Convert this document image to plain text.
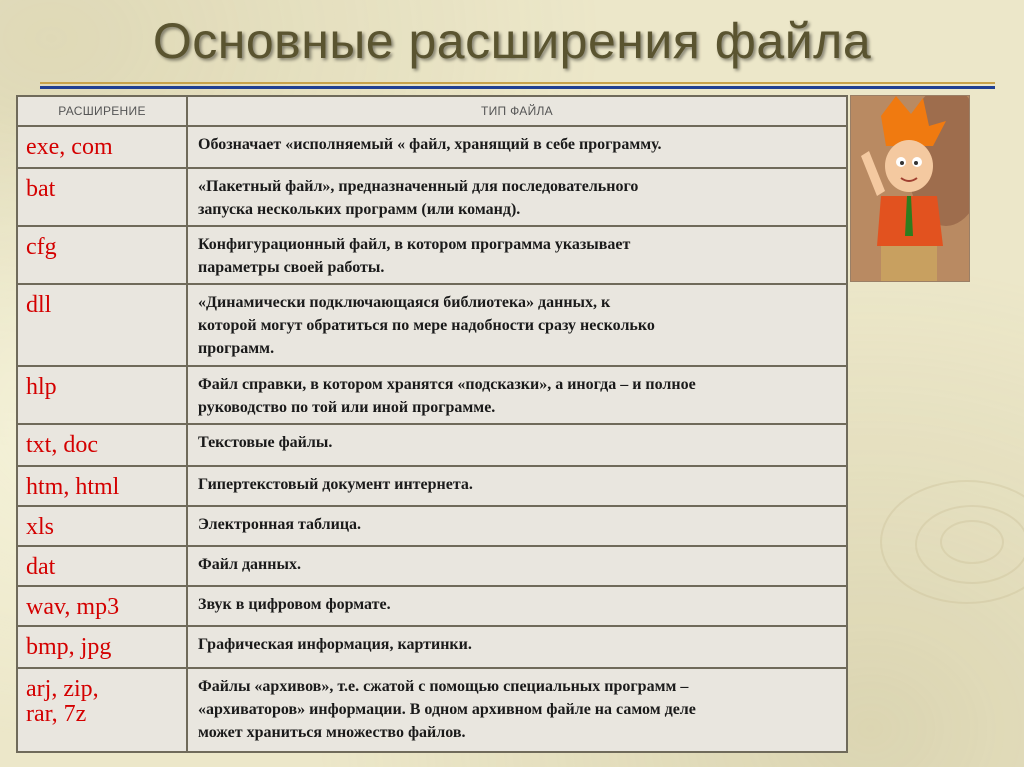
Основные расширения файла
РАСШИРЕНИЕ	ТИП ФАЙЛА
exe, com	Обозначает «исполняемый « файл, хранящий в себе программу.
bat	«Пакетный файл», предназначенный для последовательного
запуска нескольких программ (или команд).
cfg	Конфигурационный файл, в котором программа указывает
параметры своей работы.
dll	«Динамически подключающаяся библиотека» данных, к
которой могут обратиться по мере надобности сразу несколько
программ.
hlp	Файл справки, в котором хранятся «подсказки», а иногда – и полное
руководство по той или иной программе.
txt, doc	Текстовые файлы.
htm, html	Гипертекстовый документ интернета.
xls	Электронная таблица.
dat	Файл данных.
wav, mp3	Звук в цифровом формате.
bmp, jpg	Графическая информация, картинки.
arj, zip,
rar, 7z	Файлы «архивов», т.е. сжатой с помощью специальных программ –
«архиваторов» информации. В одном архивном файле на самом деле
может храниться множество файлов.
